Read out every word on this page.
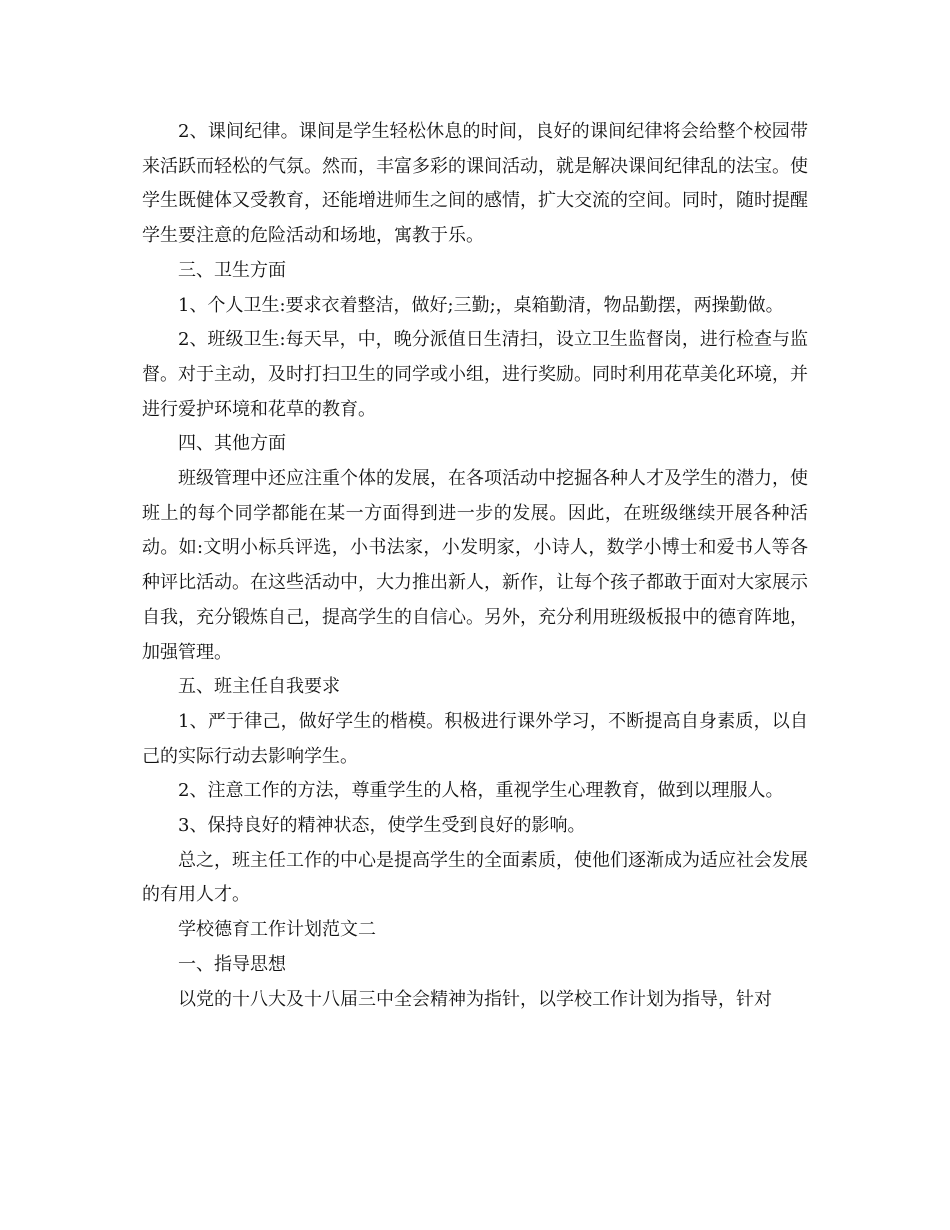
2、课间纪律。课间是学生轻松休息的时间，良好的课间纪律将会给整个校园带来活跃而轻松的气氛。然而，丰富多彩的课间活动，就是解决课间纪律乱的法宝。使学生既健体又受教育，还能增进师生之间的感情，扩大交流的空间。同时，随时提醒学生要注意的危险活动和场地，寓教于乐。

三、卫生方面

1、个人卫生:要求衣着整洁，做好;三勤;，桌箱勤清，物品勤摆，两操勤做。

2、班级卫生:每天早，中，晚分派值日生清扫，设立卫生监督岗，进行检查与监督。对于主动，及时打扫卫生的同学或小组，进行奖励。同时利用花草美化环境，并进行爱护环境和花草的教育。

四、其他方面

班级管理中还应注重个体的发展，在各项活动中挖掘各种人才及学生的潜力，使班上的每个同学都能在某一方面得到进一步的发展。因此，在班级继续开展各种活动。如:文明小标兵评选，小书法家，小发明家，小诗人，数学小博士和爱书人等各种评比活动。在这些活动中，大力推出新人，新作，让每个孩子都敢于面对大家展示自我，充分锻炼自己，提高学生的自信心。另外，充分利用班级板报中的德育阵地，加强管理。

五、班主任自我要求

1、严于律己，做好学生的楷模。积极进行课外学习，不断提高自身素质，以自己的实际行动去影响学生。

2、注意工作的方法，尊重学生的人格，重视学生心理教育，做到以理服人。

3、保持良好的精神状态，使学生受到良好的影响。

总之，班主任工作的中心是提高学生的全面素质，使他们逐渐成为适应社会发展的有用人才。

学校德育工作计划范文二

一、指导思想

以党的十八大及十八届三中全会精神为指针，以学校工作计划为指导，针对
